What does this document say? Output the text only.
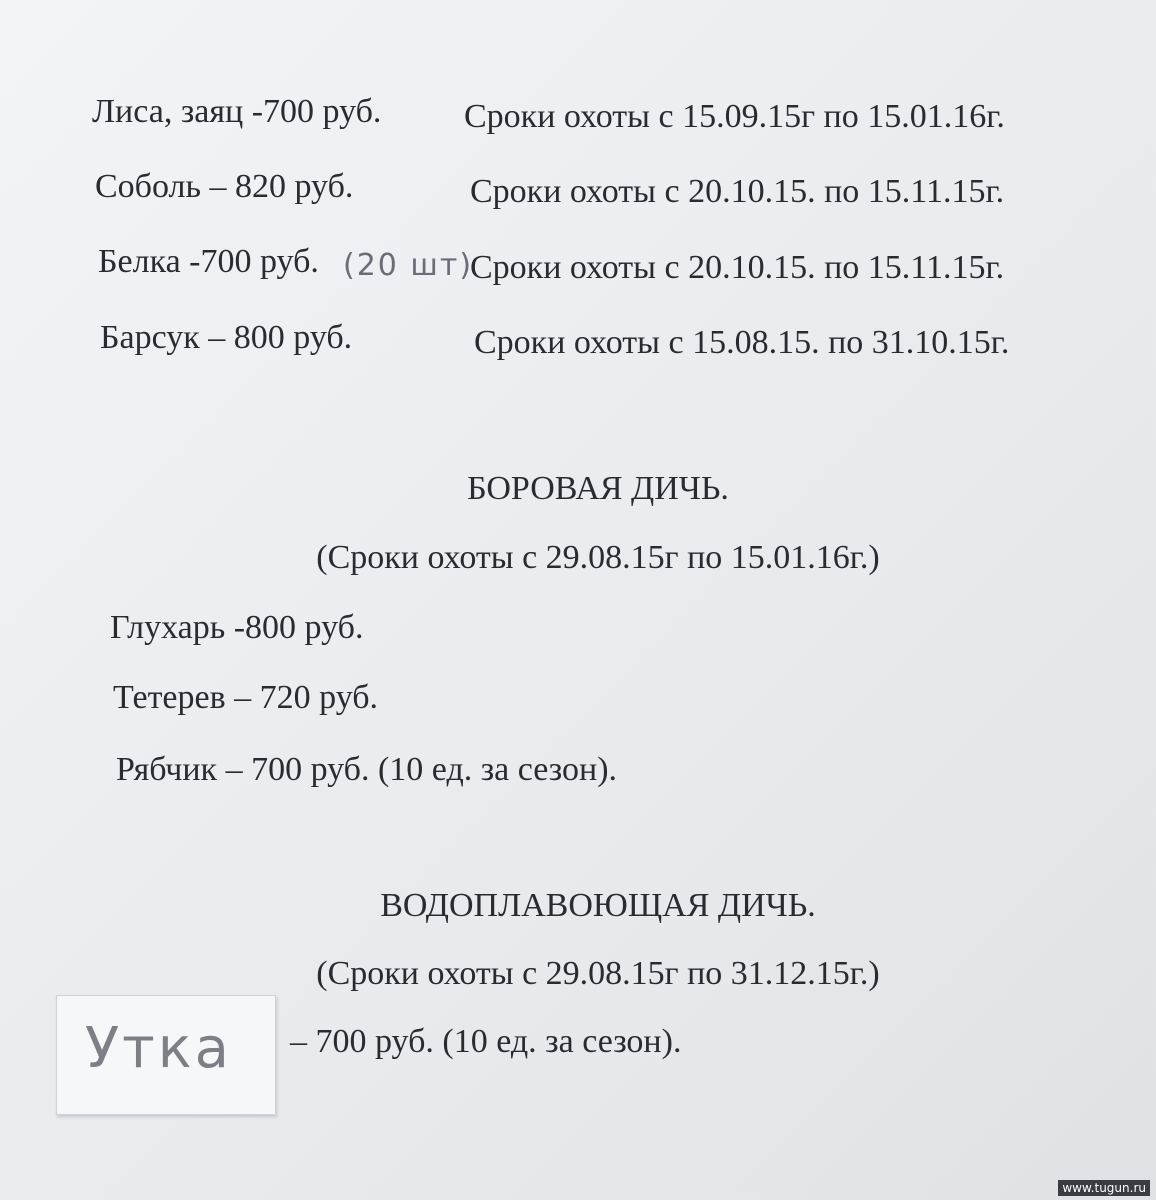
Лиса, заяц -700 руб. Сроки охоты с 15.09.15г по 15.01.16г.
Соболь – 820 руб.	Сроки охоты с 20.10.15. по 15.11.15г.
Белка -700 руб. (20 шт)
Сроки охоты с 20.10.15. по 15.11.15г.
Барсук – 800 руб.	Сроки охоты с 15.08.15. по 31.10.15г.
БОРОВАЯ ДИЧЬ.
(Сроки охоты с 29.08.15г по 15.01.16г.)
Глухарь -800 руб.
Тетерев – 720 руб.
Рябчик – 700 руб. (10 ед. за сезон).
ВОДОПЛАВОЮЩАЯ ДИЧЬ.
(Сроки охоты с 29.08.15г по 31.12.15г.)
Утка – 700 руб. (10 ед. за сезон).
www.tugun.ru
